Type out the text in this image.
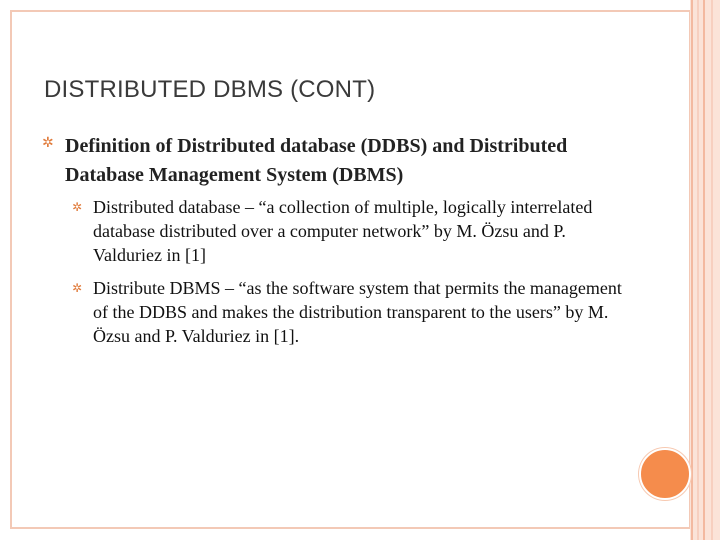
DISTRIBUTED DBMS (CONT)
✲ Definition of Distributed database (DDBS) and Distributed Database Management System (DBMS)
✲ Distributed database – “a collection of multiple, logically interrelated database distributed over a computer network” by M. Özsu and P. Valduriez in [1]
✲ Distribute DBMS – “as the software system that permits the management of the DDBS and makes the distribution transparent to the users” by M. Özsu and P. Valduriez in [1].
